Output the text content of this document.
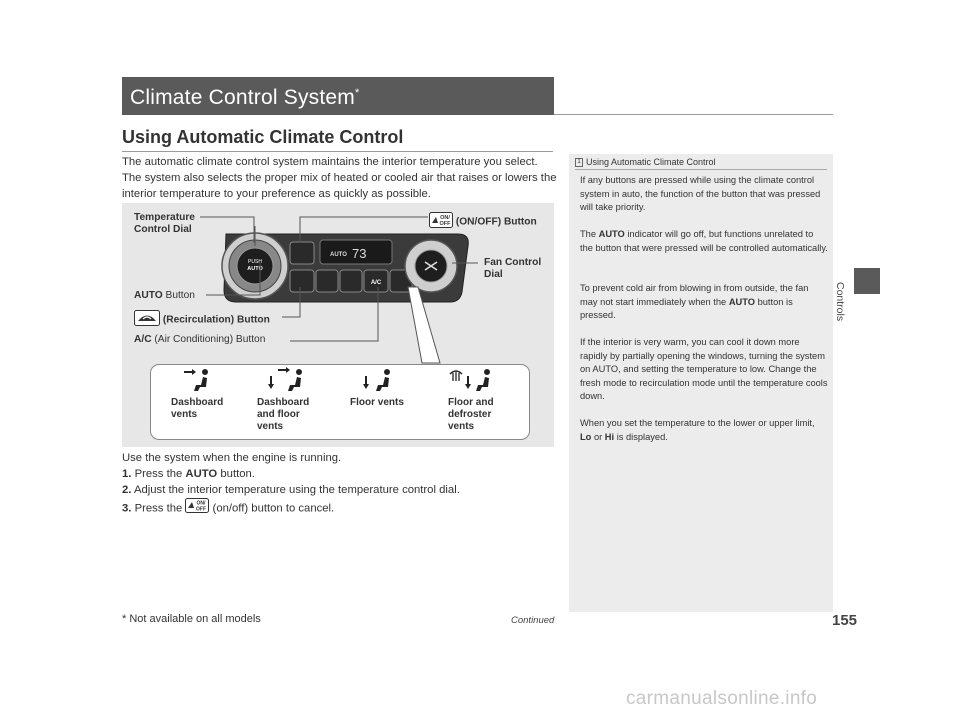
Climate Control System*
Using Automatic Climate Control
The automatic climate control system maintains the interior temperature you select. The system also selects the proper mix of heated or cooled air that raises or lowers the interior temperature to your preference as quickly as possible.
PUSH
AUTO
AUTO 73
A/C
Temperature
Control Dial
ON/
OFF (ON/OFF) Button
Fan Control
Dial
AUTO Button
(Recirculation) Button
A/C (Air Conditioning) Button
Dashboard
vents
Dashboard
and floor
vents
Floor vents	Floor and
defroster
vents
Use the system when the engine is running.
1. Press the AUTO button.
2. Adjust the interior temperature using the temperature control dial.
3. Press the ON/
OFF (on/off) button to cancel.
1 Using Automatic Climate Control
If any buttons are pressed while using the climate control system in auto, the function of the button that was pressed will take priority.
The AUTO indicator will go off, but functions unrelated to the button that were pressed will be controlled automatically.
To prevent cold air from blowing in from outside, the fan may not start immediately when the AUTO button is pressed.
If the interior is very warm, you can cool it down more rapidly by partially opening the windows, turning the system on AUTO, and setting the temperature to low. Change the fresh mode to recirculation mode until the temperature cools down.
When you set the temperature to the lower or upper limit, Lo or Hi is displayed.
Controls
* Not available on all models	Continued	155
carmanualsonline.info
